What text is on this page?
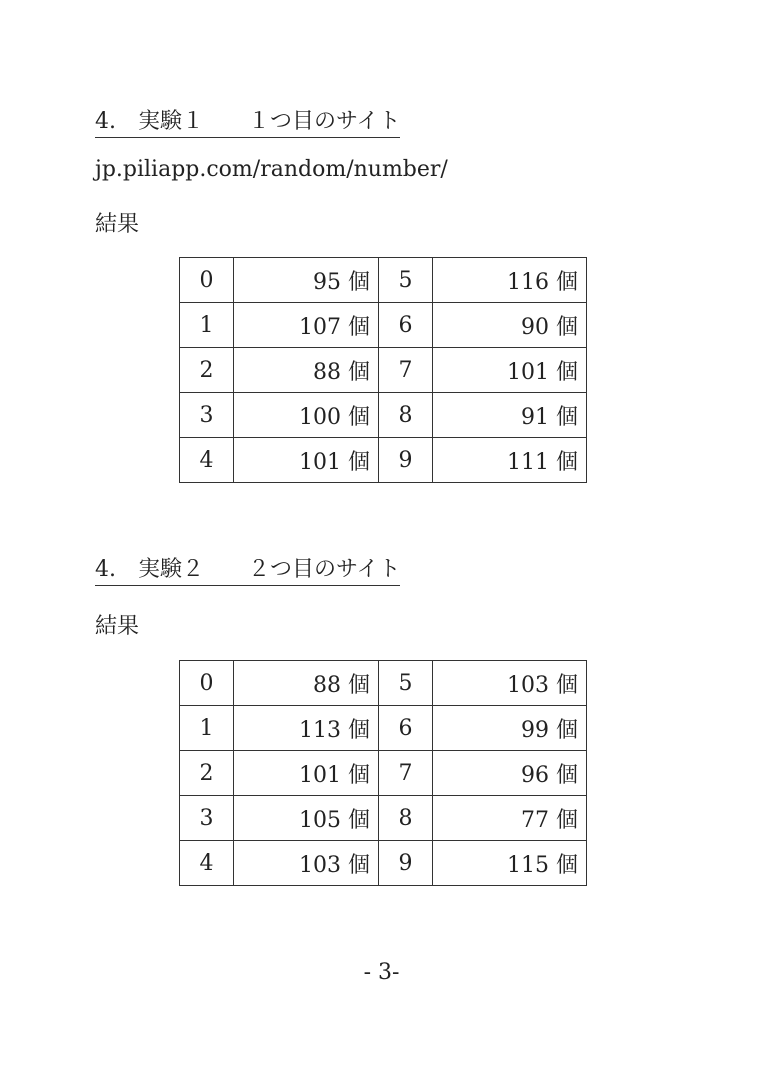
4.　実験１　　１つ目のサイト
jp.piliapp.com/random/number/
結果
0	95 個	5	116 個
1	107 個	6	90 個
2	88 個	7	101 個
3	100 個	8	91 個
4	101 個	9	111 個
4.　実験２　　２つ目のサイト
結果
0	88 個	5	103 個
1	113 個	6	99 個
2	101 個	7	96 個
3	105 個	8	77 個
4	103 個	9	115 個
- 3-
